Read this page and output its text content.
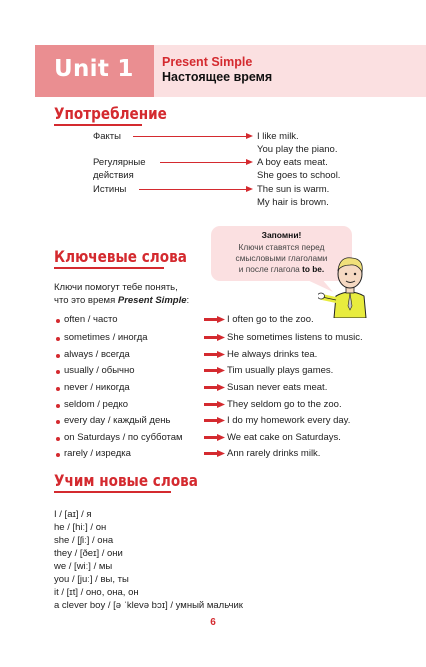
Unit 1 Present Simple
Настоящее время
Употребление
Факты	I like milk.
You play the piano.
Регулярные
действия
A boy eats meat.
She goes to school.
Истины	The sun is warm.
My hair is brown.
Ключевые слова
Ключи помогут тебе понять,
что это время Present Simple:
Запомни!
Ключи ставятся перед
смысловыми глаголами
и после глагола to be.
often / часто	I often go to the zoo.
sometimes / иногда	She sometimes listens to music.
always / всегда	He always drinks tea.
usually / обычно	Tim usually plays games.
never / никогда	Susan never eats meat.
seldom / редко	They seldom go to the zoo.
every day / каждый день	I do my homework every day.
on Saturdays / по субботам	We eat cake on Saturdays.
rarely / изредка	Ann rarely drinks milk.
Учим новые слова
I / [aɪ] / я
he / [hiː] / он
she / [ʃiː] / она
they / [ðeɪ] / они
we / [wiː] / мы
you / [juː] / вы, ты
it / [ɪt] / оно, она, он
a clever boy / [ə ˈklevə bɔɪ] / умный мальчик
6
